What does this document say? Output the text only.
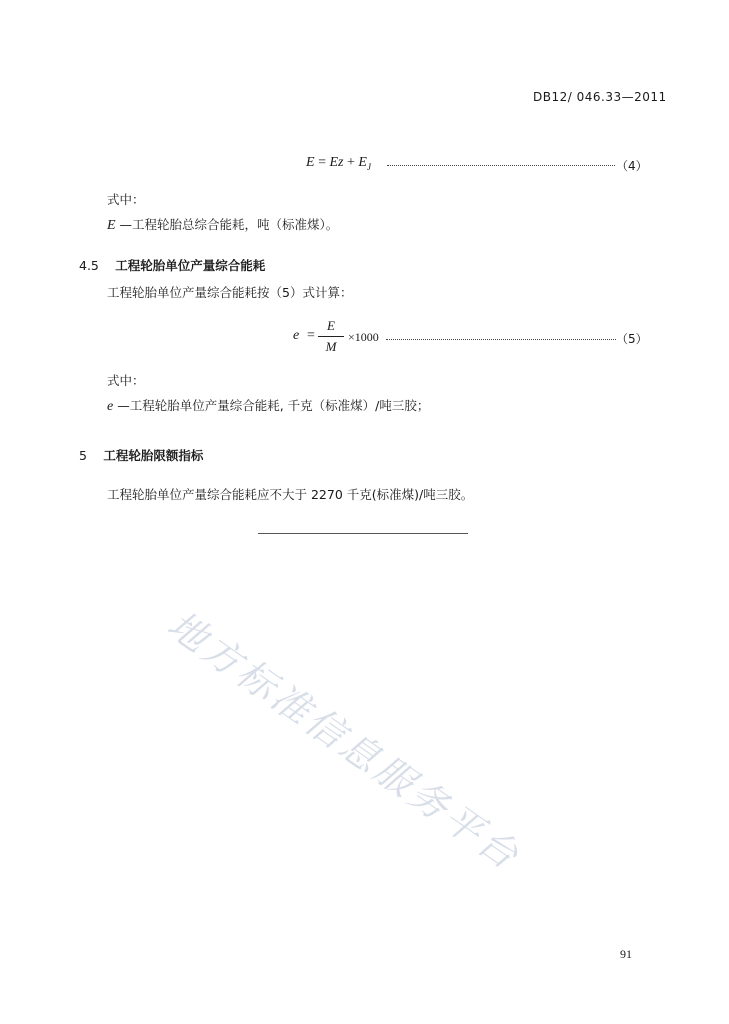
DB12/ 046.33—2011
$E = Ez + E_J$	（4）
式中：
E —工程轮胎总综合能耗，吨（标准煤）。
4.5 工程轮胎单位产量综合能耗
工程轮胎单位产量综合能耗按（5）式计算：
e =
E
M
×1000	（5）
式中：
e —工程轮胎单位产量综合能耗, 千克（标准煤）/吨三胶；
5 工程轮胎限额指标
工程轮胎单位产量综合能耗应不大于 2270 千克(标准煤)/吨三胶。
地方标准信息服务平台
91
